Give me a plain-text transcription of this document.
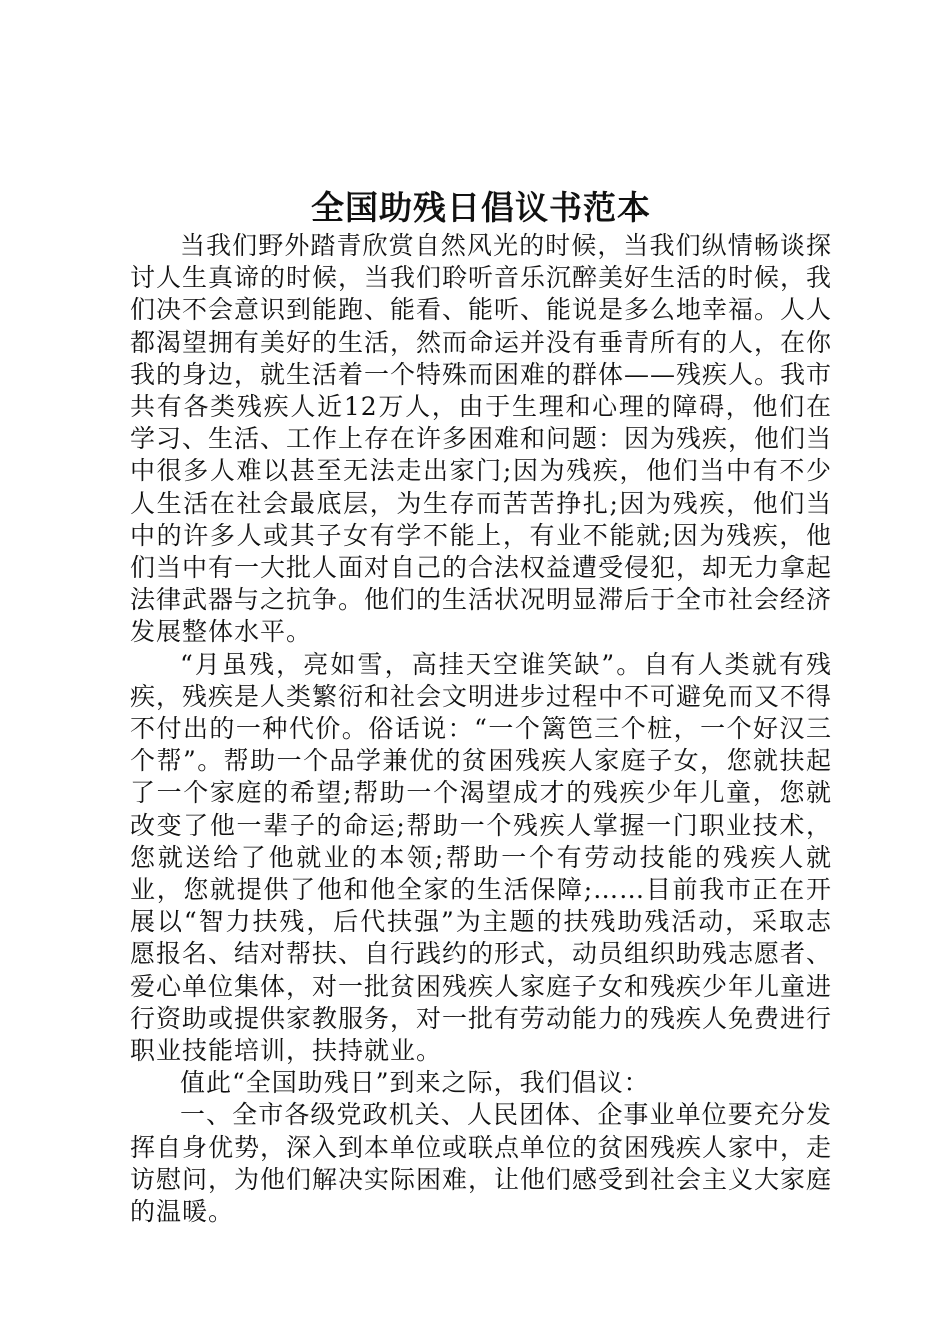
全国助残日倡议书范本

当我们野外踏青欣赏自然风光的时候，当我们纵情畅谈探讨人生真谛的时候，当我们聆听音乐沉醉美好生活的时候，我们决不会意识到能跑、能看、能听、能说是多么地幸福。人人都渴望拥有美好的生活，然而命运并没有垂青所有的人，在你我的身边，就生活着一个特殊而困难的群体——残疾人。我市共有各类残疾人近12万人，由于生理和心理的障碍，他们在学习、生活、工作上存在许多困难和问题：因为残疾，他们当中很多人难以甚至无法走出家门;因为残疾，他们当中有不少人生活在社会最底层，为生存而苦苦挣扎;因为残疾，他们当中的许多人或其子女有学不能上，有业不能就;因为残疾，他们当中有一大批人面对自己的合法权益遭受侵犯，却无力拿起法律武器与之抗争。他们的生活状况明显滞后于全市社会经济发展整体水平。

“月虽残，亮如雪，高挂天空谁笑缺”。自有人类就有残疾，残疾是人类繁衍和社会文明进步过程中不可避免而又不得不付出的一种代价。俗话说：“一个篱笆三个桩，一个好汉三个帮”。帮助一个品学兼优的贫困残疾人家庭子女，您就扶起了一个家庭的希望;帮助一个渴望成才的残疾少年儿童，您就改变了他一辈子的命运;帮助一个残疾人掌握一门职业技术，您就送给了他就业的本领;帮助一个有劳动技能的残疾人就业，您就提供了他和他全家的生活保障;……目前我市正在开展以“智力扶残，后代扶强”为主题的扶残助残活动，采取志愿报名、结对帮扶、自行践约的形式，动员组织助残志愿者、爱心单位集体，对一批贫困残疾人家庭子女和残疾少年儿童进行资助或提供家教服务，对一批有劳动能力的残疾人免费进行职业技能培训，扶持就业。

值此“全国助残日”到来之际，我们倡议：

一、全市各级党政机关、人民团体、企事业单位要充分发挥自身优势，深入到本单位或联点单位的贫困残疾人家中，走访慰问，为他们解决实际困难，让他们感受到社会主义大家庭的温暖。
